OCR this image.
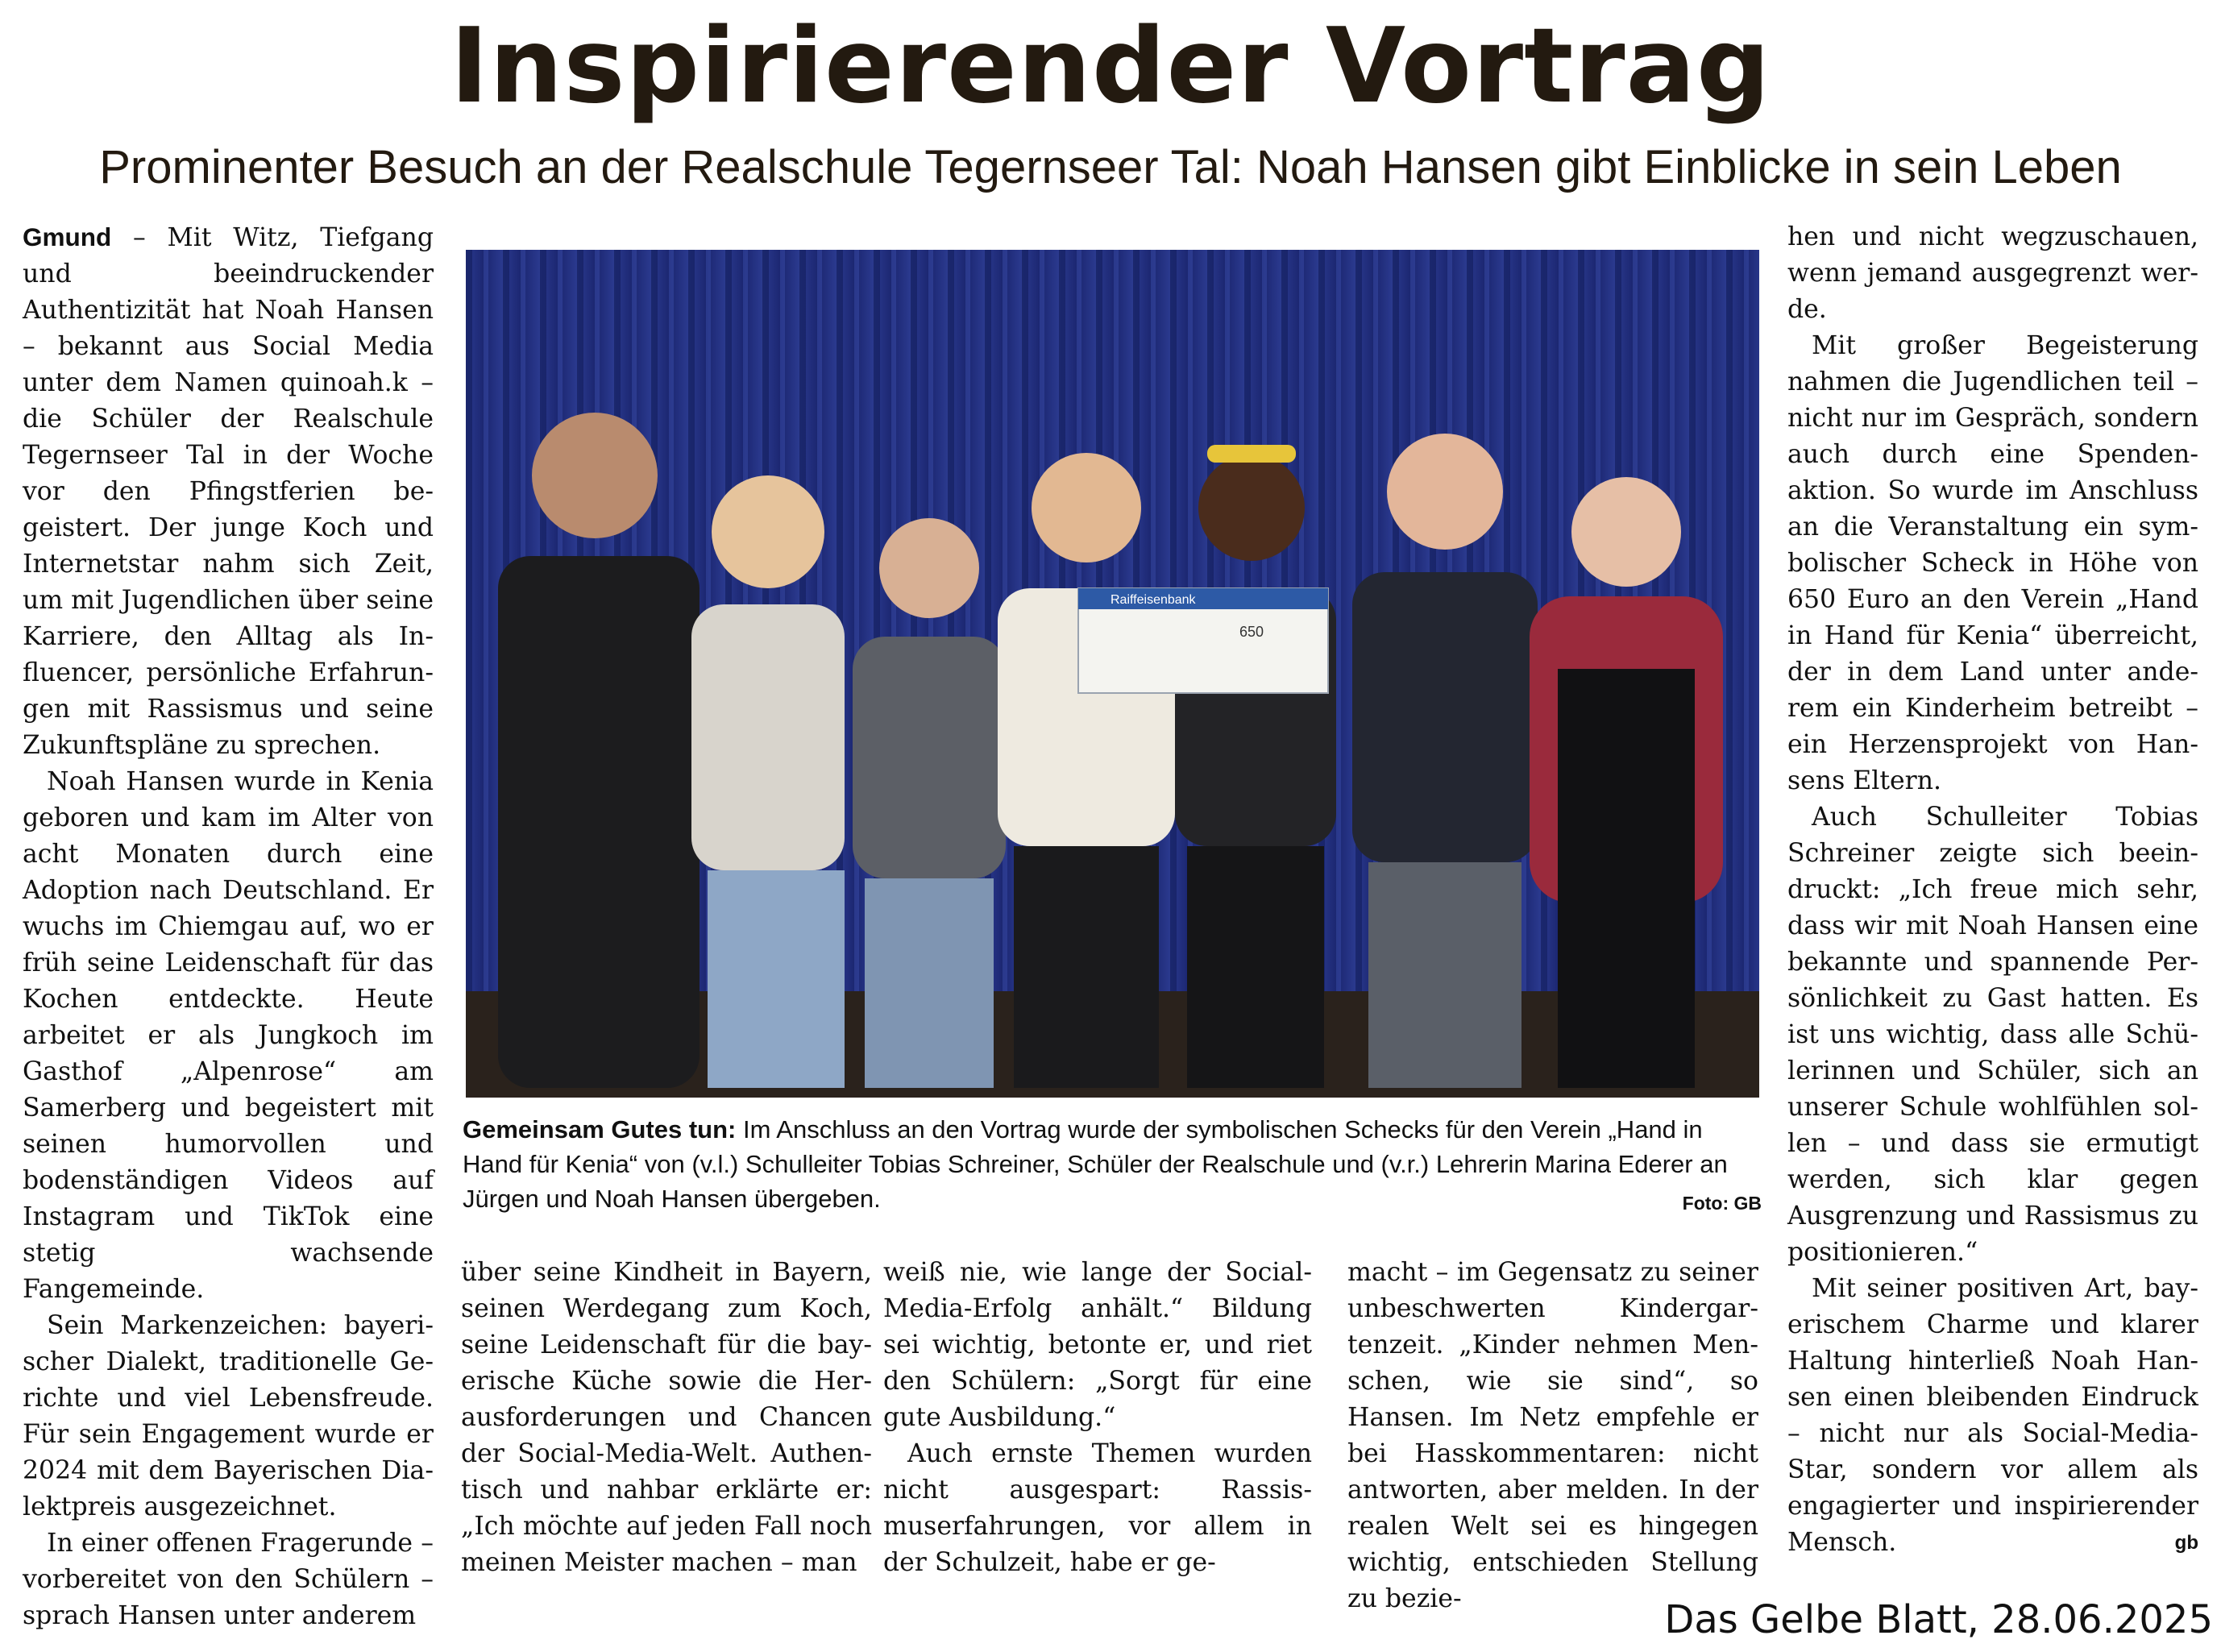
Inspirierender Vortrag
Prominenter Besuch an der Realschule Tegernseer Tal: Noah Hansen gibt Einblicke in sein Leben

Gmund – Mit Witz, Tiefgang und beeindruckender Authentizität hat Noah Hansen – bekannt aus Social Media unter dem Namen quinoah.k – die Schüler der Realschule Tegernseer Tal in der Woche vor den Pfingstferien begeistert. Der junge Koch und Internetstar nahm sich Zeit, um mit Jugendlichen über seine Karriere, den Alltag als Influencer, persönliche Erfahrungen mit Rassismus und seine Zukunftspläne zu sprechen.

Noah Hansen wurde in Kenia geboren und kam im Alter von acht Monaten durch eine Adoption nach Deutschland. Er wuchs im Chiemgau auf, wo er früh seine Leidenschaft für das Kochen entdeckte. Heute arbeitet er als Jungkoch im Gasthof „Alpenrose“ am Samerberg und begeistert mit seinen humorvollen und bodenständigen Videos auf Instagram und TikTok eine stetig wachsende Fangemeinde.

Sein Markenzeichen: bayerischer Dialekt, traditionelle Gerichte und viel Lebensfreude. Für sein Engagement wurde er 2024 mit dem Bayerischen Dialektpreis ausgezeichnet.

In einer offenen Fragerunde – vorbereitet von den Schülern – sprach Hansen unter anderem

Raiffeisenbank
650
Gemeinsam Gutes tun: Im Anschluss an den Vortrag wurde der symbolischen Schecks für den Verein „Hand in Hand für Kenia“ von (v.l.) Schulleiter Tobias Schreiner, Schüler der Realschule und (v.r.) Lehrerin Marina Ederer an Jürgen und Noah Hansen übergeben.	Foto: GB

über seine Kindheit in Bayern, seinen Werdegang zum Koch, seine Leidenschaft für die bayerische Küche sowie die Herausforderungen und Chancen der Social-Media-Welt. Authentisch und nahbar erklärte er: „Ich möchte auf jeden Fall noch meinen Meister machen – man

weiß nie, wie lange der Social-Media-Erfolg anhält.“ Bildung sei wichtig, betonte er, und riet den Schülern: „Sorgt für eine gute Ausbildung.“

Auch ernste Themen wurden nicht ausgespart: Rassismuserfahrungen, vor allem in der Schulzeit, habe er ge-

macht – im Gegensatz zu seiner unbeschwerten Kindergartenzeit. „Kinder nehmen Menschen, wie sie sind“, so Hansen. Im Netz empfehle er bei Hasskommentaren: nicht antworten, aber melden. In der realen Welt sei es hingegen wichtig, entschieden Stellung zu bezie-

hen und nicht wegzuschauen, wenn jemand ausgegrenzt werde.

Mit großer Begeisterung nahmen die Jugendlichen teil – nicht nur im Gespräch, sondern auch durch eine Spendenaktion. So wurde im Anschluss an die Veranstaltung ein symbolischer Scheck in Höhe von 650 Euro an den Verein „Hand in Hand für Kenia“ überreicht, der in dem Land unter anderem ein Kinderheim betreibt – ein Herzensprojekt von Hansens Eltern.

Auch Schulleiter Tobias Schreiner zeigte sich beeindruckt: „Ich freue mich sehr, dass wir mit Noah Hansen eine bekannte und spannende Persönlichkeit zu Gast hatten. Es ist uns wichtig, dass alle Schülerinnen und Schüler, sich an unserer Schule wohlfühlen sollen – und dass sie ermutigt werden, sich klar gegen Ausgrenzung und Rassismus zu positionieren.“

Mit seiner positiven Art, bayerischem Charme und klarer Haltung hinterließ Noah Hansen einen bleibenden Eindruck – nicht nur als Social-Media-Star, sondern vor allem als engagierter und inspirierender Mensch.	gb

Das Gelbe Blatt, 28.06.2025
